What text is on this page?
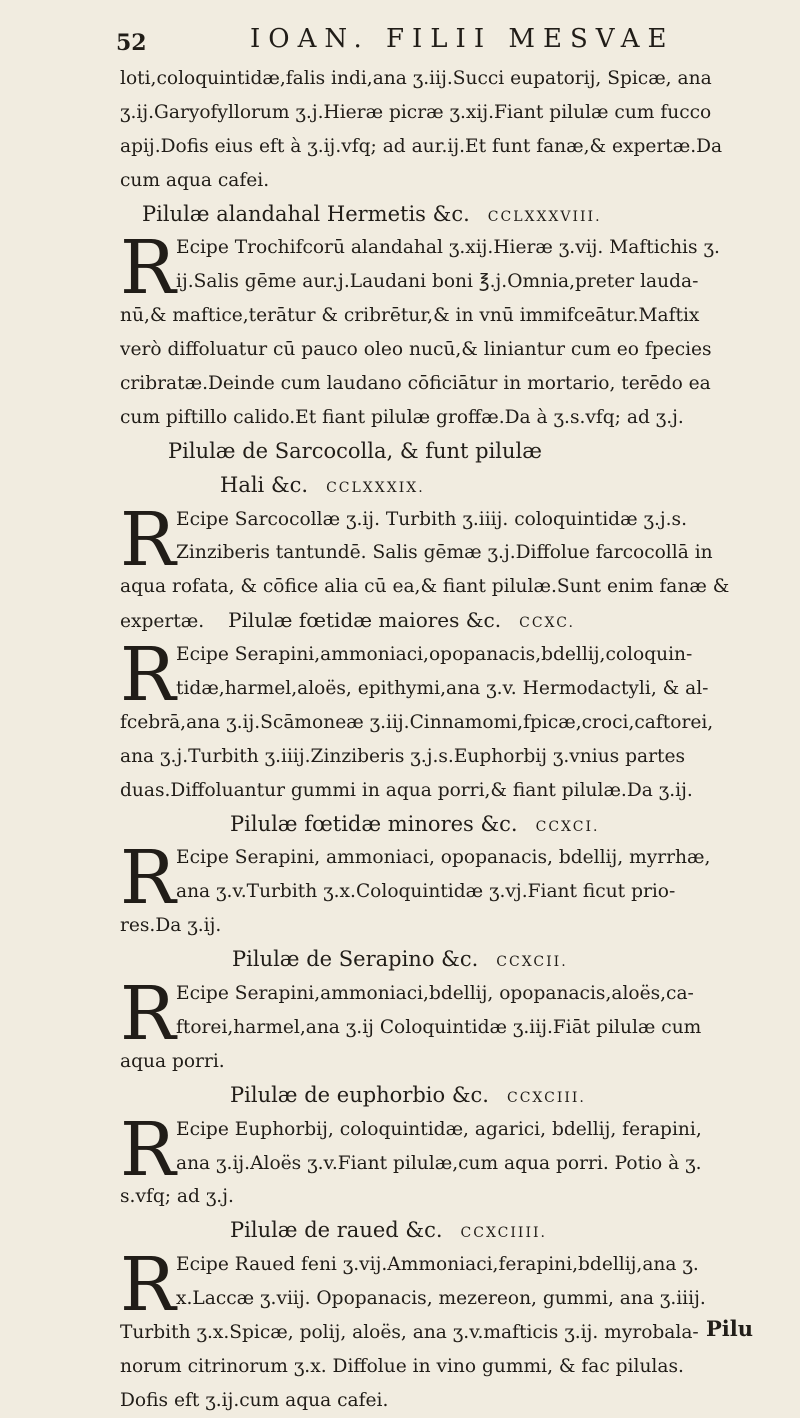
52	IOAN. FILII MESVAE
loti,coloquintidæ,falis indi,ana ʒ.iij.Succi eupatorij, Spicæ, ana
ʒ.ij.Garyofyllorum ʒ.j.Hieræ picræ ʒ.xij.Fiant pilulæ cum fucco
apij.Dofis eius eft à ʒ.ij.vfq; ad aur.ij.Et funt fanæ,& expertæ.Da
cum aqua cafei.
Pilulæ alandahal Hermetis &c. CCLXXXVIII.
R Ecipe Trochifcorū alandahal ʒ.xij.Hieræ ʒ.vij. Maftichis ʒ.
ij.Salis gēme aur.j.Laudani boni ℥.j.Omnia,preter lauda-
nū,& maftice,terātur & cribrētur,& in vnū immifceātur.Maftix
verò diffoluatur cū pauco oleo nucū,& liniantur cum eo fpecies
cribratæ.Deinde cum laudano cōficiātur in mortario, terēdo ea
cum piftillo calido.Et fiant pilulæ groffæ.Da à ʒ.s.vfq; ad ʒ.j.
Pilulæ de Sarcocolla, & funt pilulæ
Hali &c. CCLXXXIX.
R Ecipe Sarcocollæ ʒ.ij. Turbith ʒ.iiij. coloquintidæ ʒ.j.s.
Zinziberis tantundē. Salis gēmæ ʒ.j.Diffolue farcocollā in
aqua rofata, & cōfice alia cū ea,& fiant pilulæ.Sunt enim fanæ &
expertæ. Pilulæ fœtidæ maiores &c. CCXC.
R Ecipe Serapini,ammoniaci,opopanacis,bdellij,coloquin-
tidæ,harmel,aloës, epithymi,ana ʒ.v. Hermodactyli, & al-
fcebrā,ana ʒ.ij.Scāmoneæ ʒ.iij.Cinnamomi,fpicæ,croci,caftorei,
ana ʒ.j.Turbith ʒ.iiij.Zinziberis ʒ.j.s.Euphorbij ʒ.vnius partes
duas.Diffoluantur gummi in aqua porri,& fiant pilulæ.Da ʒ.ij.
Pilulæ fœtidæ minores &c. CCXCI.
R Ecipe Serapini, ammoniaci, opopanacis, bdellij, myrrhæ,
ana ʒ.v.Turbith ʒ.x.Coloquintidæ ʒ.vj.Fiant ficut prio-
res.Da ʒ.ij.
Pilulæ de Serapino &c. CCXCII.
R Ecipe Serapini,ammoniaci,bdellij, opopanacis,aloës,ca-
ftorei,harmel,ana ʒ.ij Coloquintidæ ʒ.iij.Fiāt pilulæ cum
aqua porri.
Pilulæ de euphorbio &c. CCXCIII.
R Ecipe Euphorbij, coloquintidæ, agarici, bdellij, ferapini,
ana ʒ.ij.Aloës ʒ.v.Fiant pilulæ,cum aqua porri. Potio à ʒ.
s.vfq; ad ʒ.j.
Pilulæ de raued &c. CCXCIIII.
R Ecipe Raued feni ʒ.vij.Ammoniaci,ferapini,bdellij,ana ʒ.
x.Laccæ ʒ.viij. Opopanacis, mezereon, gummi, ana ʒ.iiij.
Turbith ʒ.x.Spicæ, polij, aloës, ana ʒ.v.mafticis ʒ.ij. myrobala-
norum citrinorum ʒ.x. Diffolue in vino gummi, & fac pilulas.
Dofis eft ʒ.ij.cum aqua cafei.
Pilu
